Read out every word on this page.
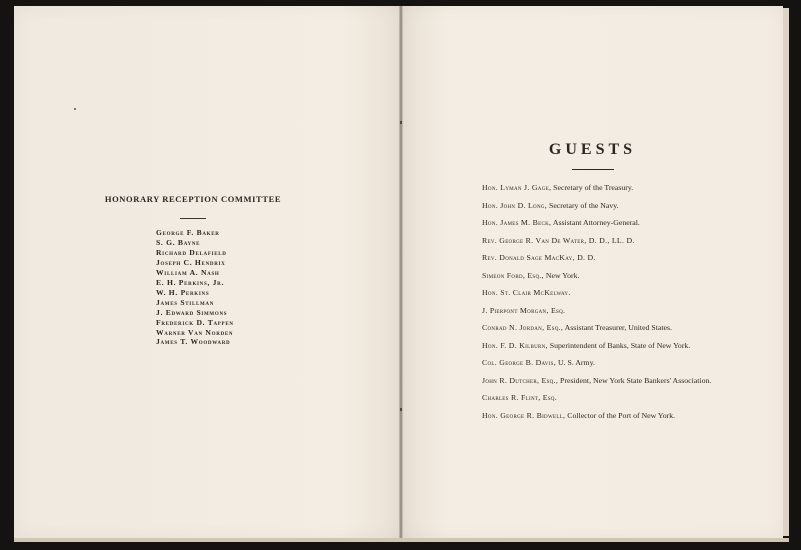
HONORARY RECEPTION COMMITTEE

George F. Baker
S. G. Bayne
Richard Delafield
Joseph C. Hendrix
William A. Nash
E. H. Perkins, Jr.
W. H. Perkins
James Stillman
J. Edward Simmons
Frederick D. Tappen
Warner Van Norden
James T. Woodward
GUESTS
Hon. Lyman J. Gage, Secretary of the Treasury.
Hon. John D. Long, Secretary of the Navy.
Hon. James M. Beck, Assistant Attorney-General.
Rev. George R. Van De Water, D. D., LL. D.
Rev. Donald Sage MacKay, D. D.
Simeon Ford, Esq., New York.
Hon. St. Clair McKelway.
J. Pierpont Morgan, Esq.
Conrad N. Jordan, Esq., Assistant Treasurer, United States.
Hon. F. D. Kilburn, Superintendent of Banks, State of New York.
Col. George B. Davis, U. S. Army.
John R. Dutcher, Esq., President, New York State Bankers' Association.
Charles R. Flint, Esq.
Hon. George R. Bidwell, Collector of the Port of New York.
